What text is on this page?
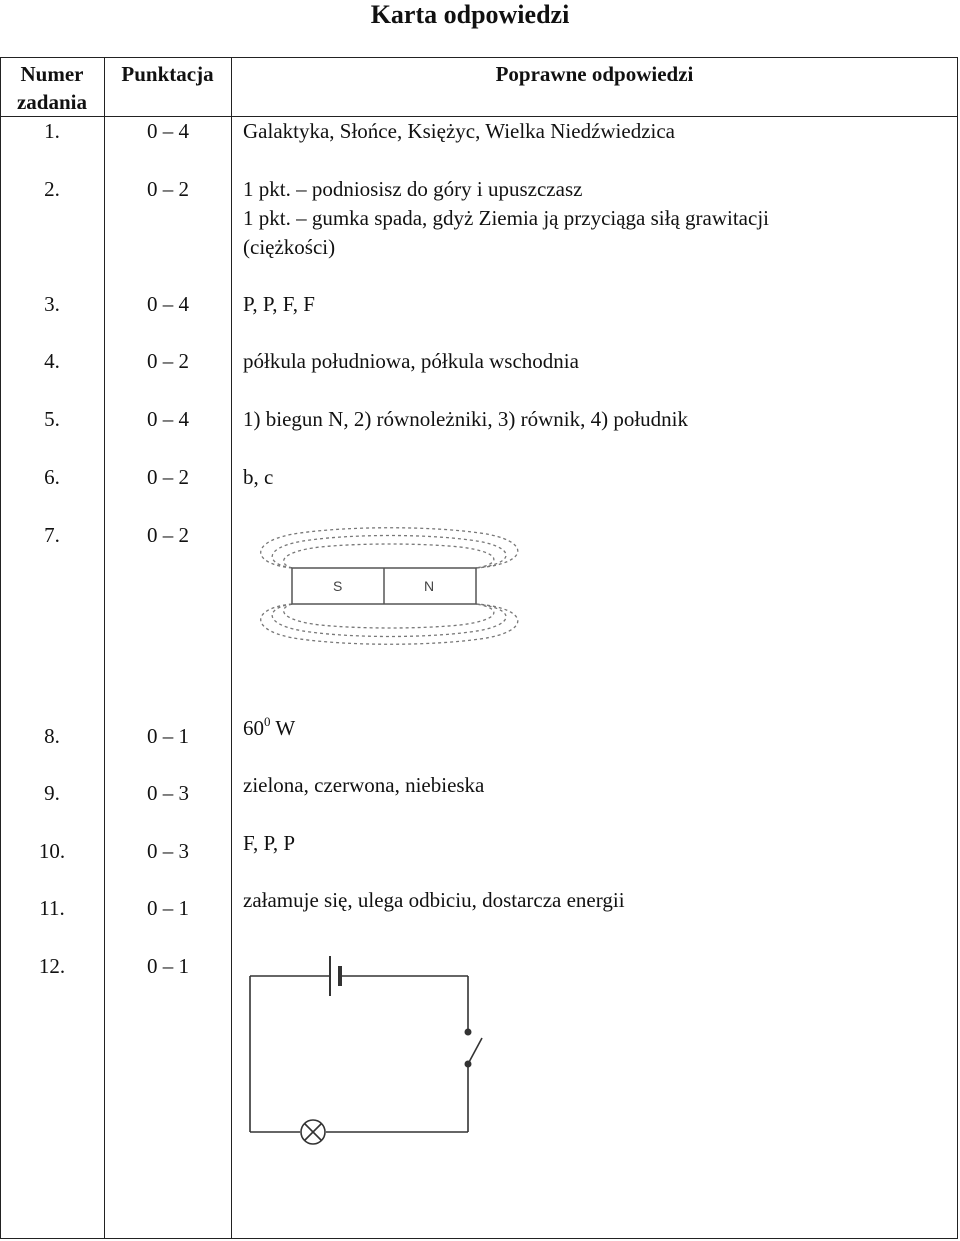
Karta odpowiedzi
Numer
zadania
Punktacja	Poprawne odpowiedzi
1.	0 – 4	Galaktyka, Słońce, Księżyc, Wielka Niedźwiedzica
2.	0 – 2	1 pkt. – podniosisz do góry i upuszczasz
1 pkt. – gumka spada, gdyż Ziemia ją przyciąga siłą grawitacji
(ciężkości)
3.	0 – 4	P, P, F, F
4.	0 – 2	półkula południowa, półkula wschodnia
5.	0 – 4	1) biegun N, 2) równoleżniki, 3) równik, 4) południk
6.	0 – 2	b, c
7.	0 – 2
S	N
8.	0 – 1	$60^0$ W
9.	0 – 3	zielona, czerwona, niebieska
10.	0 – 3	F, P, P
11.	0 – 1	załamuje się, ulega odbiciu, dostarcza energii
12.	0 – 1
